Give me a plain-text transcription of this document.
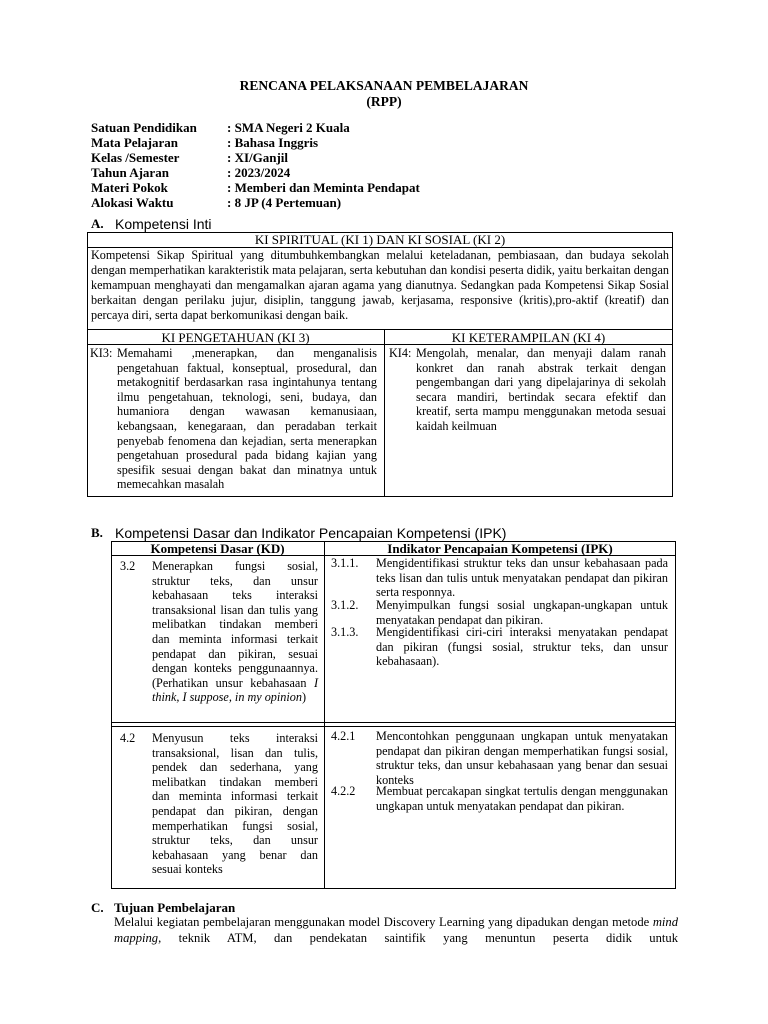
RENCANA PELAKSANAAN PEMBELAJARAN
(RPP)
Satuan Pendidikan	: SMA Negeri 2 Kuala
Mata Pelajaran	: Bahasa Inggris
Kelas /Semester	: XI/Ganjil
Tahun Ajaran	: 2023/2024
Materi Pokok	: Memberi dan Meminta Pendapat
Alokasi Waktu	: 8 JP (4 Pertemuan)
A. Kompetensi Inti
KI SPIRITUAL (KI 1) DAN KI SOSIAL (KI 2)
Kompetensi Sikap Spiritual yang ditumbuhkembangkan melalui keteladanan, pembiasaan, dan budaya sekolah dengan memperhatikan karakteristik mata pelajaran, serta kebutuhan dan kondisi peserta didik, yaitu berkaitan dengan kemampuan menghayati dan mengamalkan ajaran agama yang dianutnya. Sedangkan pada Kompetensi Sikap Sosial berkaitan dengan perilaku jujur, disiplin, tanggung jawab, kerjasama, responsive (kritis),pro-aktif (kreatif) dan percaya diri, serta dapat berkomunikasi dengan baik.
KI PENGETAHUAN (KI 3)	KI KETERAMPILAN (KI 4)
KI3: Memahami ,menerapkan, dan menganalisis pengetahuan faktual, konseptual, prosedural, dan metakognitif berdasarkan rasa ingintahunya tentang ilmu pengetahuan, teknologi, seni, budaya, dan humaniora dengan wawasan kemanusiaan, kebangsaan, kenegaraan, dan peradaban terkait penyebab fenomena dan kejadian, serta menerapkan pengetahuan prosedural pada bidang kajian yang spesifik sesuai dengan bakat dan minatnya untuk memecahkan masalah
KI4: Mengolah, menalar, dan menyaji dalam ranah konkret dan ranah abstrak terkait dengan pengembangan dari yang dipelajarinya di sekolah secara mandiri, bertindak secara efektif dan kreatif, serta mampu menggunakan metoda sesuai kaidah keilmuan
B. Kompetensi Dasar dan Indikator Pencapaian Kompetensi (IPK)
Kompetensi Dasar (KD)	Indikator Pencapaian Kompetensi (IPK)
3.2 Menerapkan fungsi sosial, struktur teks, dan unsur kebahasaan teks interaksi transaksional lisan dan tulis yang melibatkan tindakan memberi dan meminta informasi terkait pendapat dan pikiran, sesuai dengan konteks penggunaannya. (Perhatikan unsur kebahasaan I think, I suppose, in my opinion)
3.1.1. Mengidentifikasi struktur teks dan unsur kebahasaan pada teks lisan dan tulis untuk menyatakan pendapat dan pikiran serta responnya.
3.1.2. Menyimpulkan fungsi sosial ungkapan-ungkapan untuk menyatakan pendapat dan pikiran.
3.1.3. Mengidentifikasi ciri-ciri interaksi menyatakan pendapat dan pikiran (fungsi sosial, struktur teks, dan unsur kebahasaan).
4.2 Menyusun teks interaksi transaksional, lisan dan tulis, pendek dan sederhana, yang melibatkan tindakan memberi dan meminta informasi terkait pendapat dan pikiran, dengan memperhatikan fungsi sosial, struktur teks, dan unsur kebahasaan yang benar dan sesuai konteks
4.2.1 Mencontohkan penggunaan ungkapan untuk menyatakan pendapat dan pikiran dengan memperhatikan fungsi sosial, struktur teks, dan unsur kebahasaan yang benar dan sesuai konteks
4.2.2 Membuat percakapan singkat tertulis dengan menggunakan ungkapan untuk menyatakan pendapat dan pikiran.
C. Tujuan Pembelajaran
Melalui kegiatan pembelajaran menggunakan model Discovery Learning yang dipadukan dengan metode mind mapping, teknik ATM, dan pendekatan saintifik yang menuntun peserta didik untuk
